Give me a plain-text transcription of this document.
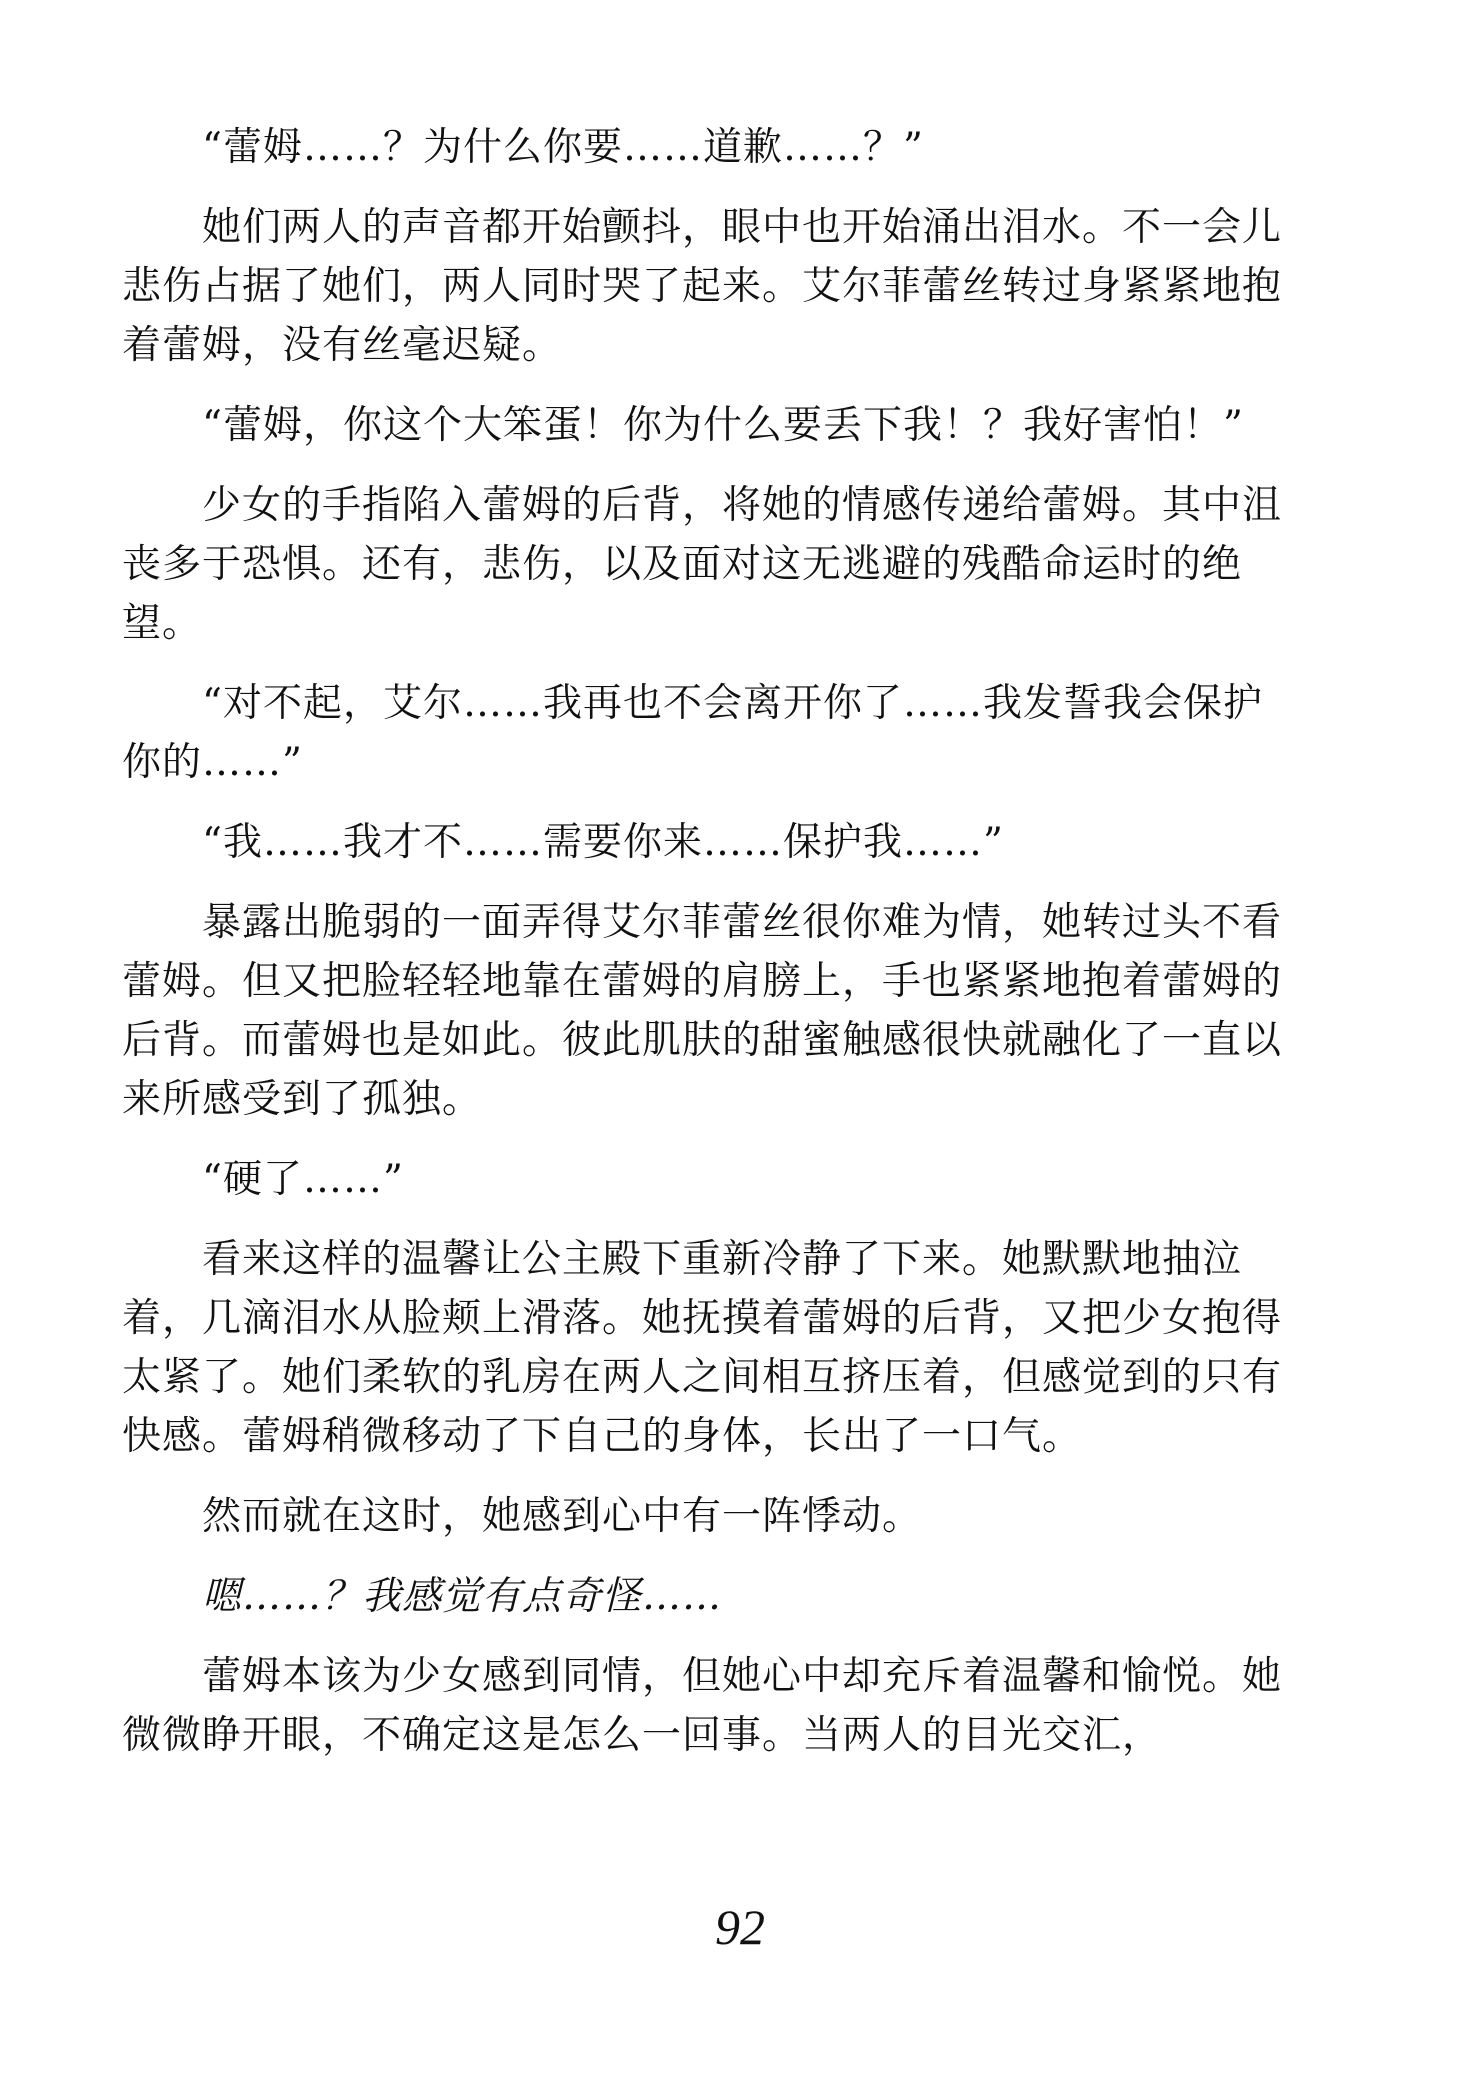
“蕾姆……？为什么你要……道歉……？”

她们两人的声音都开始颤抖，眼中也开始涌出泪水。不一会儿悲伤占据了她们，两人同时哭了起来。艾尔菲蕾丝转过身紧紧地抱着蕾姆，没有丝毫迟疑。

“蕾姆，你这个大笨蛋！你为什么要丢下我！？我好害怕！”

少女的手指陷入蕾姆的后背，将她的情感传递给蕾姆。其中沮丧多于恐惧。还有，悲伤，以及面对这无逃避的残酷命运时的绝望。

“对不起，艾尔……我再也不会离开你了……我发誓我会保护你的……”

“我……我才不……需要你来……保护我……”

暴露出脆弱的一面弄得艾尔菲蕾丝很你难为情，她转过头不看蕾姆。但又把脸轻轻地靠在蕾姆的肩膀上，手也紧紧地抱着蕾姆的后背。而蕾姆也是如此。彼此肌肤的甜蜜触感很快就融化了一直以来所感受到了孤独。

“硬了……”

看来这样的温馨让公主殿下重新冷静了下来。她默默地抽泣着，几滴泪水从脸颊上滑落。她抚摸着蕾姆的后背，又把少女抱得太紧了。她们柔软的乳房在两人之间相互挤压着，但感觉到的只有快感。蕾姆稍微移动了下自己的身体，长出了一口气。

然而就在这时，她感到心中有一阵悸动。

嗯……？我感觉有点奇怪……

蕾姆本该为少女感到同情，但她心中却充斥着温馨和愉悦。她微微睁开眼，不确定这是怎么一回事。当两人的目光交汇，

92
